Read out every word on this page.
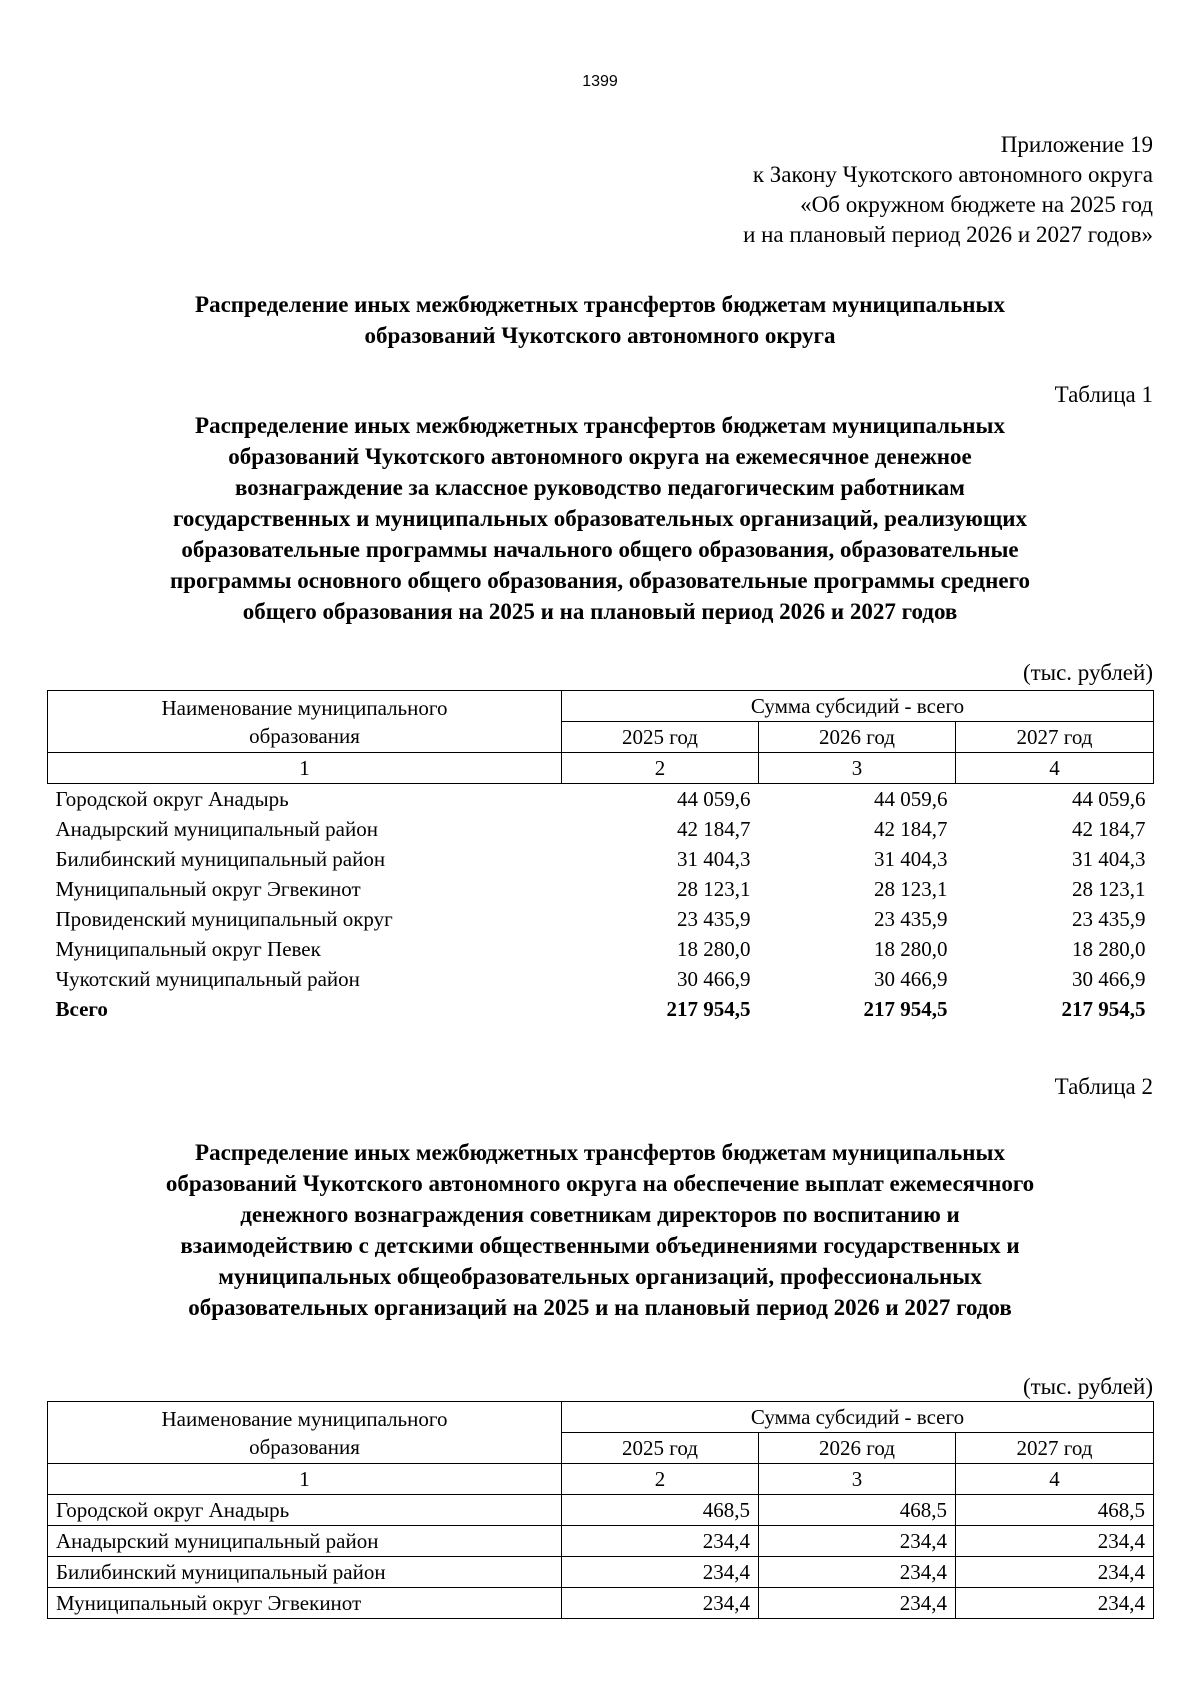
1399
Приложение 19
к Закону Чукотского автономного округа
«Об окружном бюджете на 2025 год
и на плановый период 2026 и 2027 годов»
Распределение иных межбюджетных трансфертов бюджетам муниципальных
образований Чукотского автономного округа
Таблица 1
Распределение иных межбюджетных трансфертов бюджетам муниципальных
образований Чукотского автономного округа на ежемесячное денежное
вознаграждение за классное руководство педагогическим работникам
государственных и муниципальных образовательных организаций, реализующих
образовательные программы начального общего образования, образовательные
программы основного общего образования, образовательные программы среднего
общего образования на 2025 и на плановый период 2026 и 2027 годов
(тыс. рублей)
Наименование муниципального
образования	Сумма субсидий - всего		
	2025 год	2026 год	2027 год
1	2	3	4
Городской округ Анадырь	44 059,6	44 059,6	44 059,6
Анадырский муниципальный район	42 184,7	42 184,7	42 184,7
Билибинский муниципальный район	31 404,3	31 404,3	31 404,3
Муниципальный округ Эгвекинот	28 123,1	28 123,1	28 123,1
Провиденский муниципальный округ	23 435,9	23 435,9	23 435,9
Муниципальный округ Певек	18 280,0	18 280,0	18 280,0
Чукотский муниципальный район	30 466,9	30 466,9	30 466,9
Всего	217 954,5	217 954,5	217 954,5
Таблица 2
Распределение иных межбюджетных трансфертов бюджетам муниципальных
образований Чукотского автономного округа на обеспечение выплат ежемесячного
денежного вознаграждения советникам директоров по воспитанию и
взаимодействию с детскими общественными объединениями государственных и
муниципальных общеобразовательных организаций, профессиональных
образовательных организаций на 2025 и на плановый период 2026 и 2027 годов
(тыс. рублей)
Наименование муниципального
образования	Сумма субсидий - всего		
	2025 год	2026 год	2027 год
1	2	3	4
Городской округ Анадырь	468,5	468,5	468,5
Анадырский муниципальный район	234,4	234,4	234,4
Билибинский муниципальный район	234,4	234,4	234,4
Муниципальный округ Эгвекинот	234,4	234,4	234,4
